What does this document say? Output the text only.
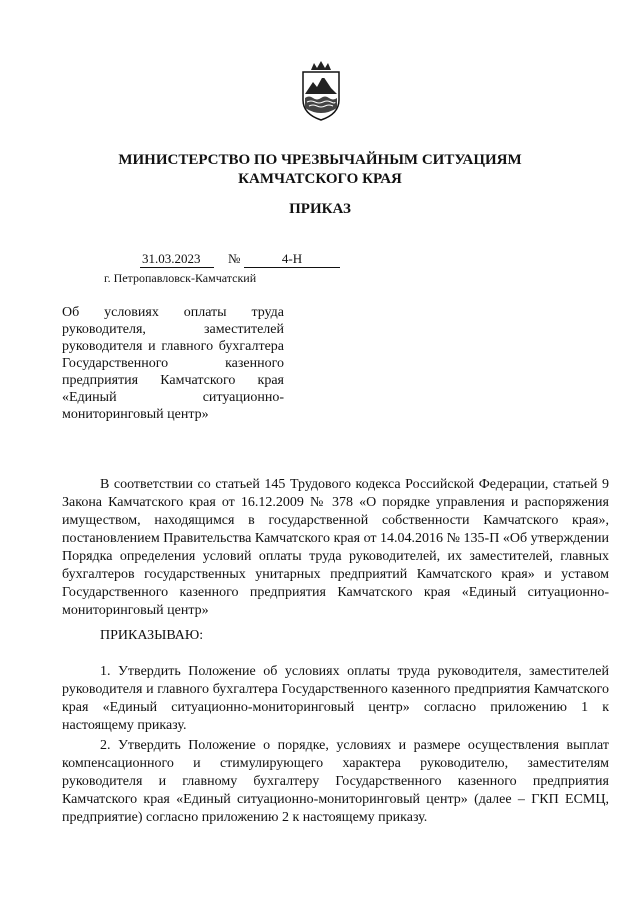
МИНИСТЕРСТВО ПО ЧРЕЗВЫЧАЙНЫМ СИТУАЦИЯМ
КАМЧАТСКОГО КРАЯ
ПРИКАЗ
31.03.2023	№	4-Н
г. Петропавловск-Камчатский
Об условиях оплаты труда руководителя, заместителей руководителя и главного бухгалтера Государственного казенного предприятия Камчатского края «Единый ситуационно-мониторинговый центр»
В соответствии со статьей 145 Трудового кодекса Российской Федерации, статьей 9 Закона Камчатского края от 16.12.2009 № 378 «О порядке управления и распоряжения имуществом, находящимся в государственной собственности Камчатского края», постановлением Правительства Камчатского края от 14.04.2016 № 135-П «Об утверждении Порядка определения условий оплаты труда руководителей, их заместителей, главных бухгалтеров государственных унитарных предприятий Камчатского края» и уставом Государственного казенного предприятия Камчатского края «Единый ситуационно-мониторинговый центр»
ПРИКАЗЫВАЮ:
1. Утвердить Положение об условиях оплаты труда руководителя, заместителей руководителя и главного бухгалтера Государственного казенного предприятия Камчатского края «Единый ситуационно-мониторинговый центр» согласно приложению 1 к настоящему приказу.
2. Утвердить Положение о порядке, условиях и размере осуществления выплат компенсационного и стимулирующего характера руководителю, заместителям руководителя и главному бухгалтеру Государственного казенного предприятия Камчатского края «Единый ситуационно-мониторинговый центр» (далее – ГКП ЕСМЦ, предприятие) согласно приложению 2 к настоящему приказу.
